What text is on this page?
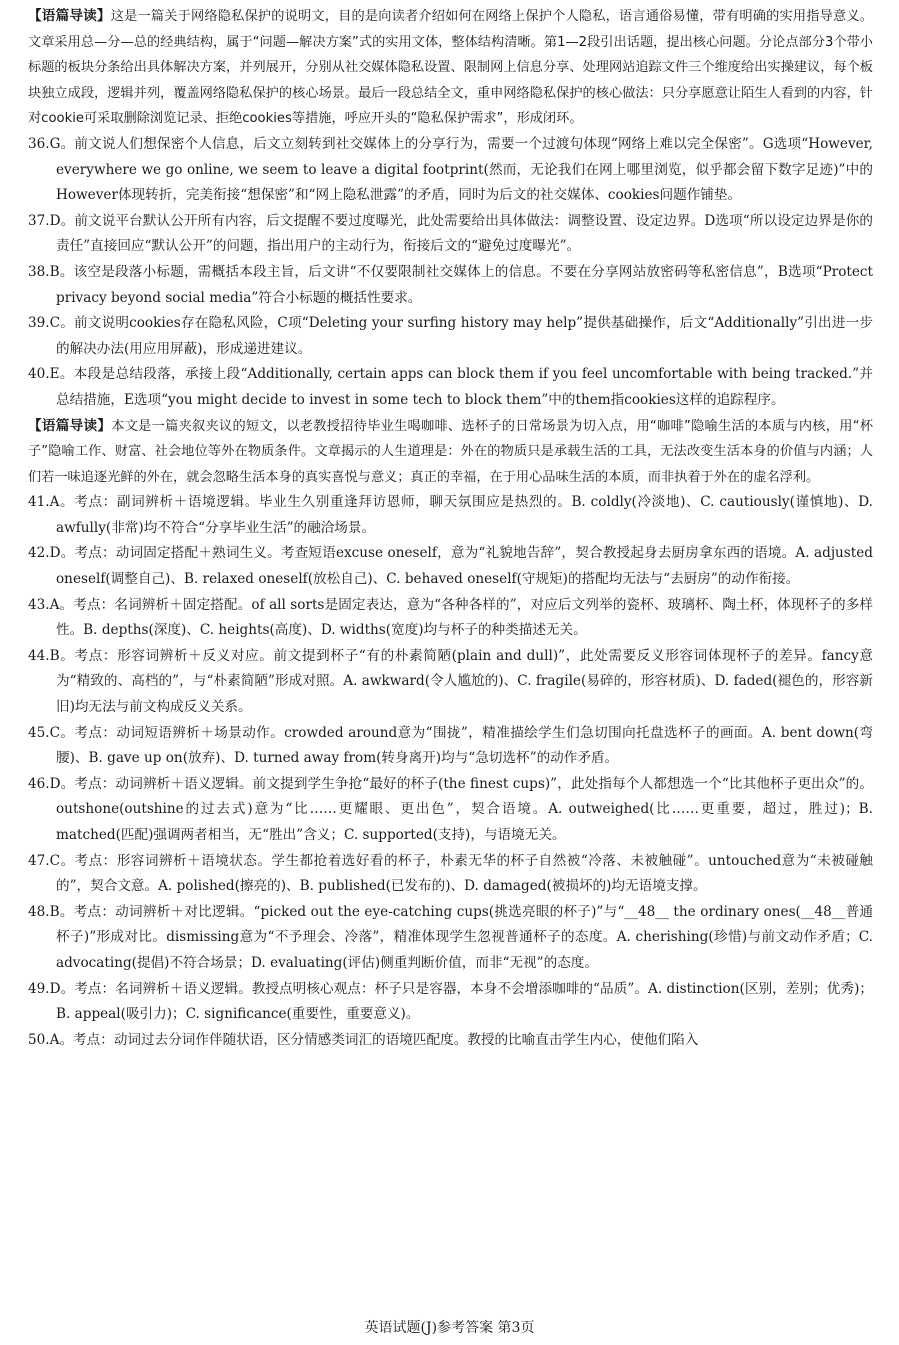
【语篇导读】这是一篇关于网络隐私保护的说明文，目的是向读者介绍如何在网络上保护个人隐私，语言通俗易懂，带有明确的实用指导意义。文章采用总—分—总的经典结构，属于“问题—解决方案”式的实用文体，整体结构清晰。第1—2段引出话题，提出核心问题。分论点部分3个带小标题的板块分条给出具体解决方案，并列展开，分别从社交媒体隐私设置、限制网上信息分享、处理网站追踪文件三个维度给出实操建议，每个板块独立成段，逻辑并列，覆盖网络隐私保护的核心场景。最后一段总结全文，重申网络隐私保护的核心做法：只分享愿意让陌生人看到的内容，针对cookie可采取删除浏览记录、拒绝cookies等措施，呼应开头的“隐私保护需求”，形成闭环。

36.G。前文说人们想保密个人信息，后文立刻转到社交媒体上的分享行为，需要一个过渡句体现“网络上难以完全保密”。G选项“However, everywhere we go online, we seem to leave a digital footprint(然而，无论我们在网上哪里浏览，似乎都会留下数字足迹)”中的However体现转折，完美衔接“想保密”和“网上隐私泄露”的矛盾，同时为后文的社交媒体、cookies问题作铺垫。

37.D。前文说平台默认公开所有内容，后文提醒不要过度曝光，此处需要给出具体做法：调整设置、设定边界。D选项“所以设定边界是你的责任”直接回应“默认公开”的问题，指出用户的主动行为，衔接后文的“避免过度曝光”。

38.B。该空是段落小标题，需概括本段主旨，后文讲“不仅要限制社交媒体上的信息。不要在分享网站放密码等私密信息”，B选项“Protect privacy beyond social media”符合小标题的概括性要求。

39.C。前文说明cookies存在隐私风险，C项“Deleting your surfing history may help”提供基础操作，后文“Additionally”引出进一步的解决办法(用应用屏蔽)，形成递进建议。

40.E。本段是总结段落，承接上段“Additionally, certain apps can block them if you feel uncomfortable with being tracked.”并总结措施，E选项“you might decide to invest in some tech to block them”中的them指cookies这样的追踪程序。

【语篇导读】本文是一篇夹叙夹议的短文，以老教授招待毕业生喝咖啡、选杯子的日常场景为切入点，用“咖啡”隐喻生活的本质与内核，用“杯子”隐喻工作、财富、社会地位等外在物质条件。文章揭示的人生道理是：外在的物质只是承载生活的工具，无法改变生活本身的价值与内涵；人们若一味追逐光鲜的外在，就会忽略生活本身的真实喜悦与意义；真正的幸福，在于用心品味生活的本质，而非执着于外在的虚名浮利。

41.A。考点：副词辨析＋语境逻辑。毕业生久别重逢拜访恩师，聊天氛围应是热烈的。B. coldly(冷淡地)、C. cautiously(谨慎地)、D. awfully(非常)均不符合“分享毕业生活”的融洽场景。

42.D。考点：动词固定搭配＋熟词生义。考查短语excuse oneself，意为“礼貌地告辞”，契合教授起身去厨房拿东西的语境。A. adjusted oneself(调整自己)、B. relaxed oneself(放松自己)、C. behaved oneself(守规矩)的搭配均无法与“去厨房”的动作衔接。

43.A。考点：名词辨析＋固定搭配。of all sorts是固定表达，意为“各种各样的”，对应后文列举的瓷杯、玻璃杯、陶土杯，体现杯子的多样性。B. depths(深度)、C. heights(高度)、D. widths(宽度)均与杯子的种类描述无关。

44.B。考点：形容词辨析＋反义对应。前文提到杯子“有的朴素简陋(plain and dull)”，此处需要反义形容词体现杯子的差异。fancy意为“精致的、高档的”，与“朴素简陋”形成对照。A. awkward(令人尴尬的)、C. fragile(易碎的，形容材质)、D. faded(褪色的，形容新旧)均无法与前文构成反义关系。

45.C。考点：动词短语辨析＋场景动作。crowded around意为“围拢”，精准描绘学生们急切围向托盘选杯子的画面。A. bent down(弯腰)、B. gave up on(放弃)、D. turned away from(转身离开)均与“急切选杯”的动作矛盾。

46.D。考点：动词辨析＋语义逻辑。前文提到学生争抢“最好的杯子(the finest cups)”，此处指每个人都想选一个“比其他杯子更出众”的。outshone(outshine的过去式)意为“比……更耀眼、更出色”，契合语境。A. outweighed(比……更重要，超过，胜过)；B. matched(匹配)强调两者相当，无“胜出”含义；C. supported(支持)，与语境无关。

47.C。考点：形容词辨析＋语境状态。学生都抢着选好看的杯子，朴素无华的杯子自然被“冷落、未被触碰”。untouched意为“未被碰触的”，契合文意。A. polished(擦亮的)、B. published(已发布的)、D. damaged(被损坏的)均无语境支撑。

48.B。考点：动词辨析＋对比逻辑。“picked out the eye-catching cups(挑选亮眼的杯子)”与“__48__ the ordinary ones(__48__普通杯子)”形成对比。dismissing意为“不予理会、冷落”，精准体现学生忽视普通杯子的态度。A. cherishing(珍惜)与前文动作矛盾；C. advocating(提倡)不符合场景；D. evaluating(评估)侧重判断价值，而非“无视”的态度。

49.D。考点：名词辨析＋语义逻辑。教授点明核心观点：杯子只是容器，本身不会增添咖啡的“品质”。A. distinction(区别，差别；优秀)；B. appeal(吸引力)；C. significance(重要性，重要意义)。

50.A。考点：动词过去分词作伴随状语，区分情感类词汇的语境匹配度。教授的比喻直击学生内心，使他们陷入

英语试题(J)参考答案 第3页
